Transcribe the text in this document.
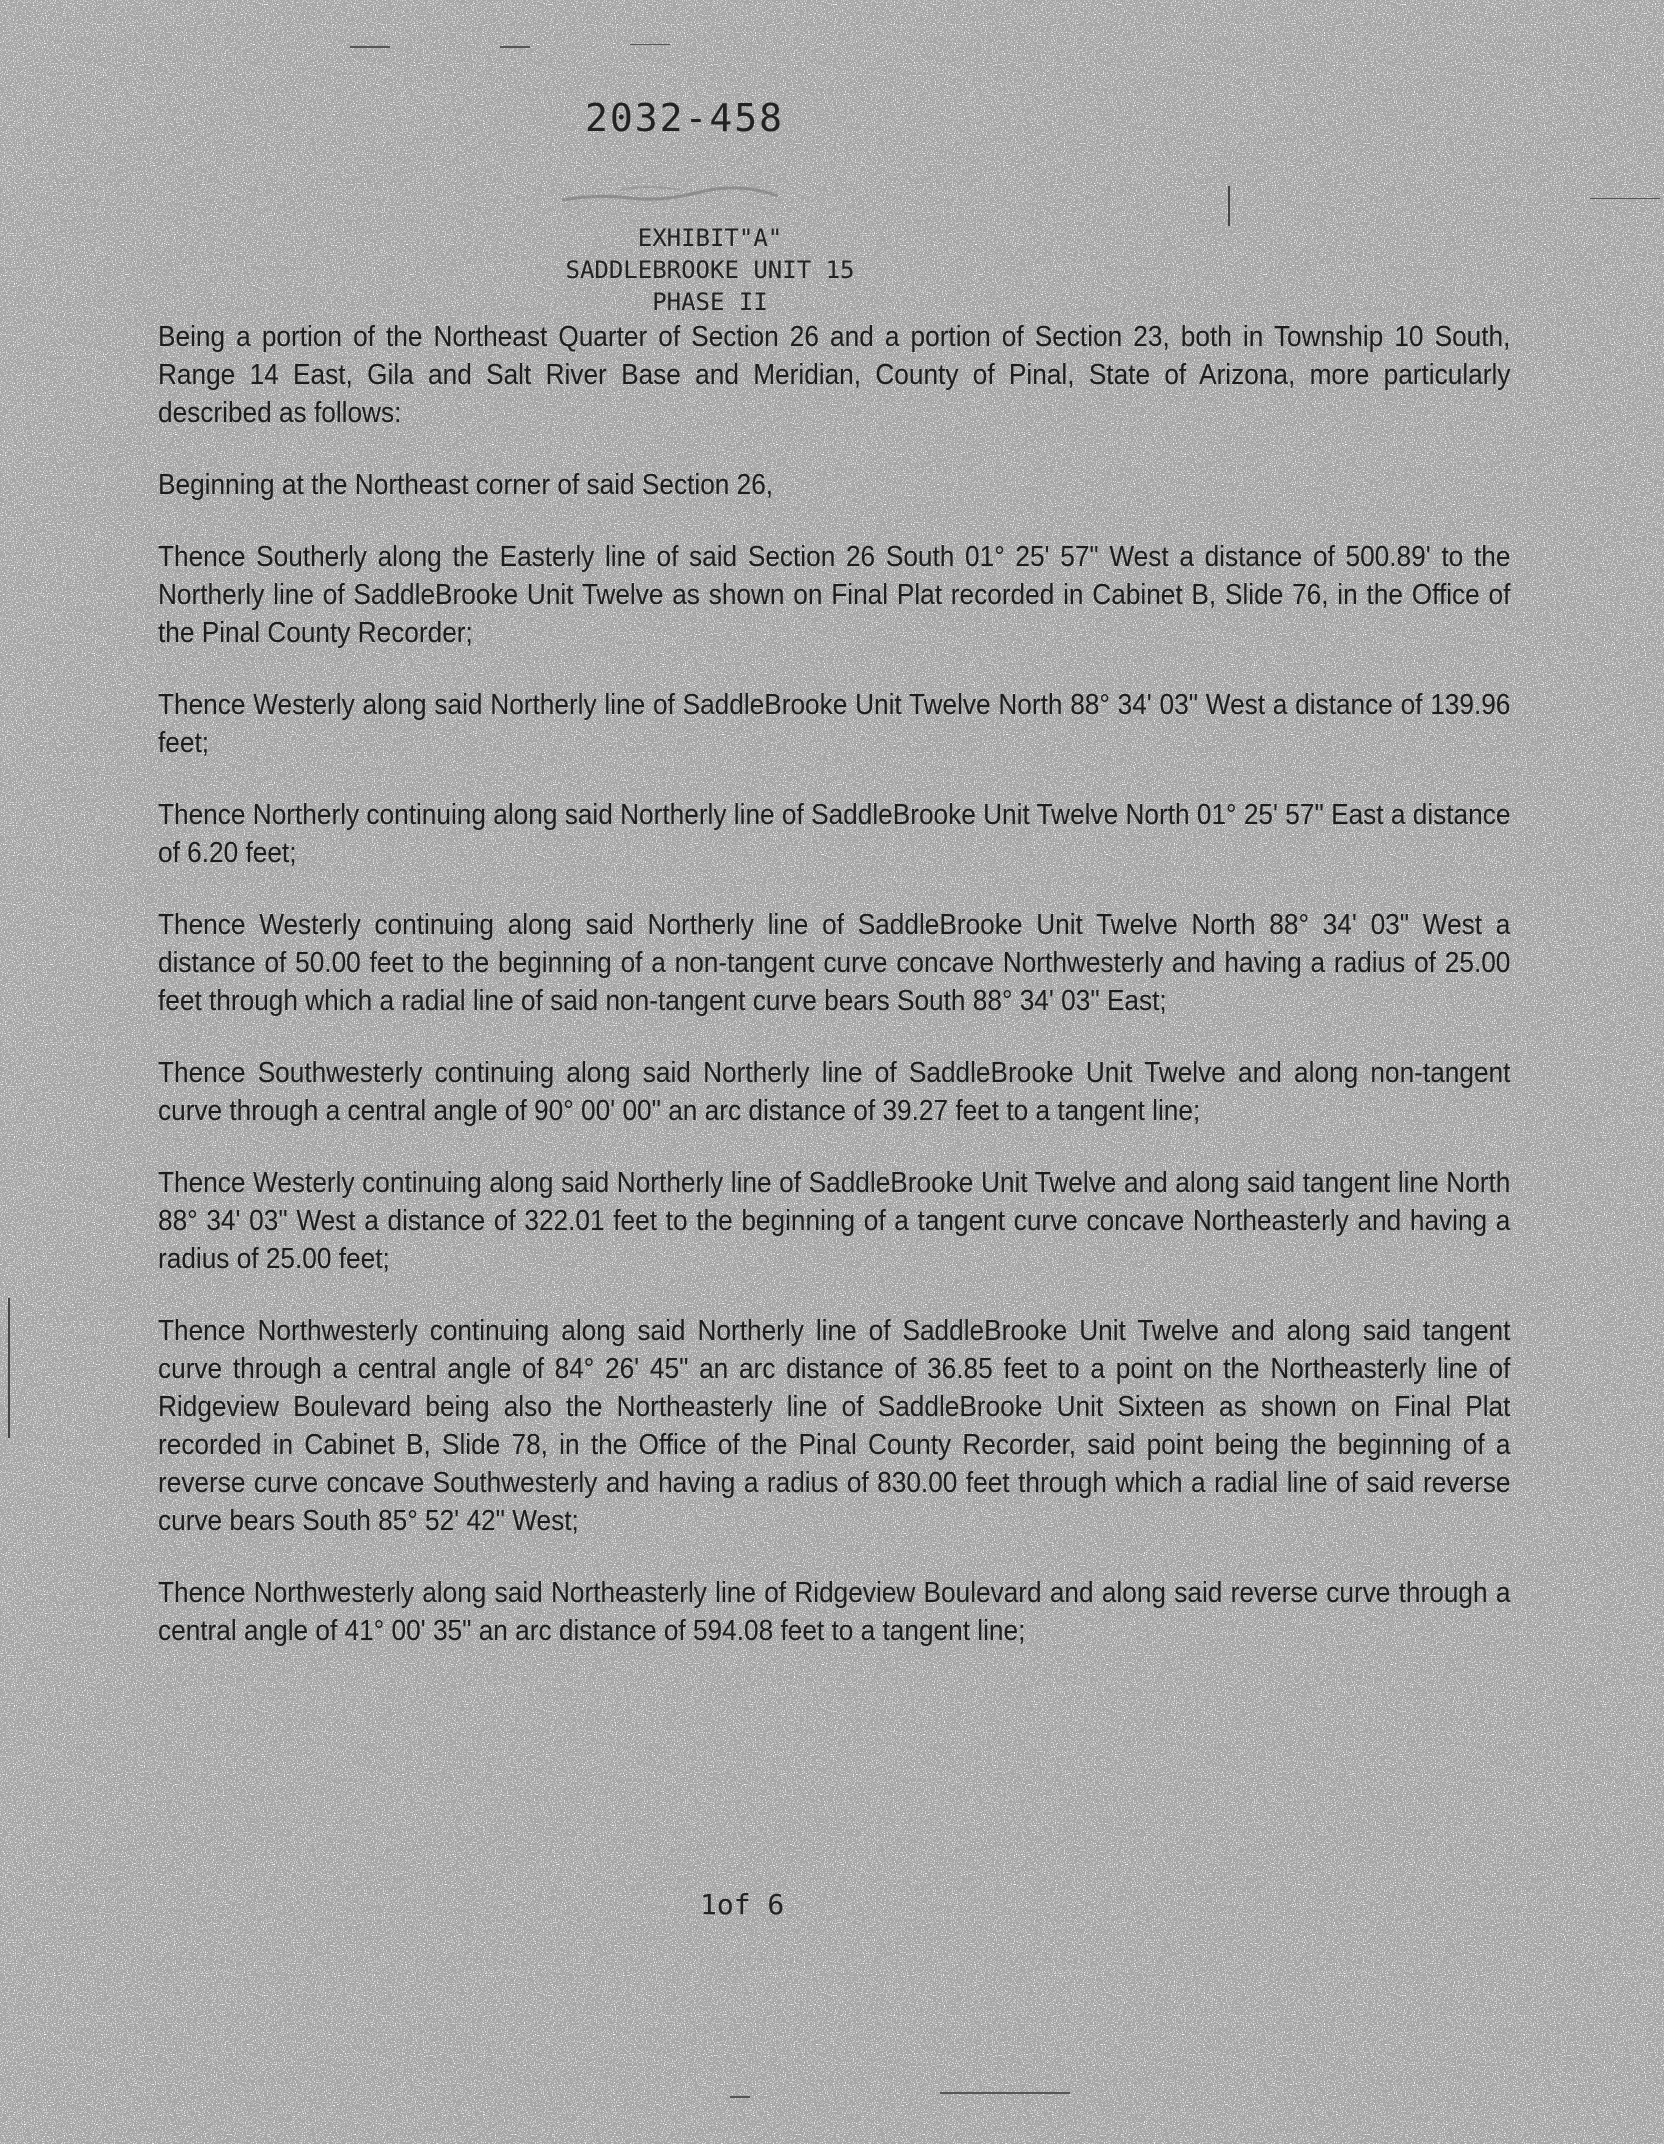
2032-458
EXHIBIT"A"
SADDLEBROOKE UNIT 15
PHASE II

Being a portion of the Northeast Quarter of Section 26 and a portion of Section 23, both in Township 10 South, Range 14 East, Gila and Salt River Base and Meridian, County of Pinal, State of Arizona, more particularly described as follows:

Beginning at the Northeast corner of said Section 26,

Thence Southerly along the Easterly line of said Section 26 South 01° 25' 57" West a distance of 500.89' to the Northerly line of SaddleBrooke Unit Twelve as shown on Final Plat recorded in Cabinet B, Slide 76, in the Office of the Pinal County Recorder;

Thence Westerly along said Northerly line of SaddleBrooke Unit Twelve North 88° 34' 03" West a distance of 139.96 feet;

Thence Northerly continuing along said Northerly line of SaddleBrooke Unit Twelve North 01° 25' 57" East a distance of 6.20 feet;

Thence Westerly continuing along said Northerly line of SaddleBrooke Unit Twelve North 88° 34' 03" West a distance of 50.00 feet to the beginning of a non-tangent curve concave Northwesterly and having a radius of 25.00 feet through which a radial line of said non-tangent curve bears South 88° 34' 03" East;

Thence Southwesterly continuing along said Northerly line of SaddleBrooke Unit Twelve and along non-tangent curve through a central angle of 90° 00' 00" an arc distance of 39.27 feet to a tangent line;

Thence Westerly continuing along said Northerly line of SaddleBrooke Unit Twelve and along said tangent line North 88° 34' 03" West a distance of 322.01 feet to the beginning of a tangent curve concave Northeasterly and having a radius of 25.00 feet;

Thence Northwesterly continuing along said Northerly line of SaddleBrooke Unit Twelve and along said tangent curve through a central angle of 84° 26' 45" an arc distance of 36.85 feet to a point on the Northeasterly line of Ridgeview Boulevard being also the Northeasterly line of SaddleBrooke Unit Sixteen as shown on Final Plat recorded in Cabinet B, Slide 78, in the Office of the Pinal County Recorder, said point being the beginning of a reverse curve concave Southwesterly and having a radius of 830.00 feet through which a radial line of said reverse curve bears South 85° 52' 42" West;

Thence Northwesterly along said Northeasterly line of Ridgeview Boulevard and along said reverse curve through a central angle of 41° 00' 35" an arc distance of 594.08 feet to a tangent line;

1of 6
